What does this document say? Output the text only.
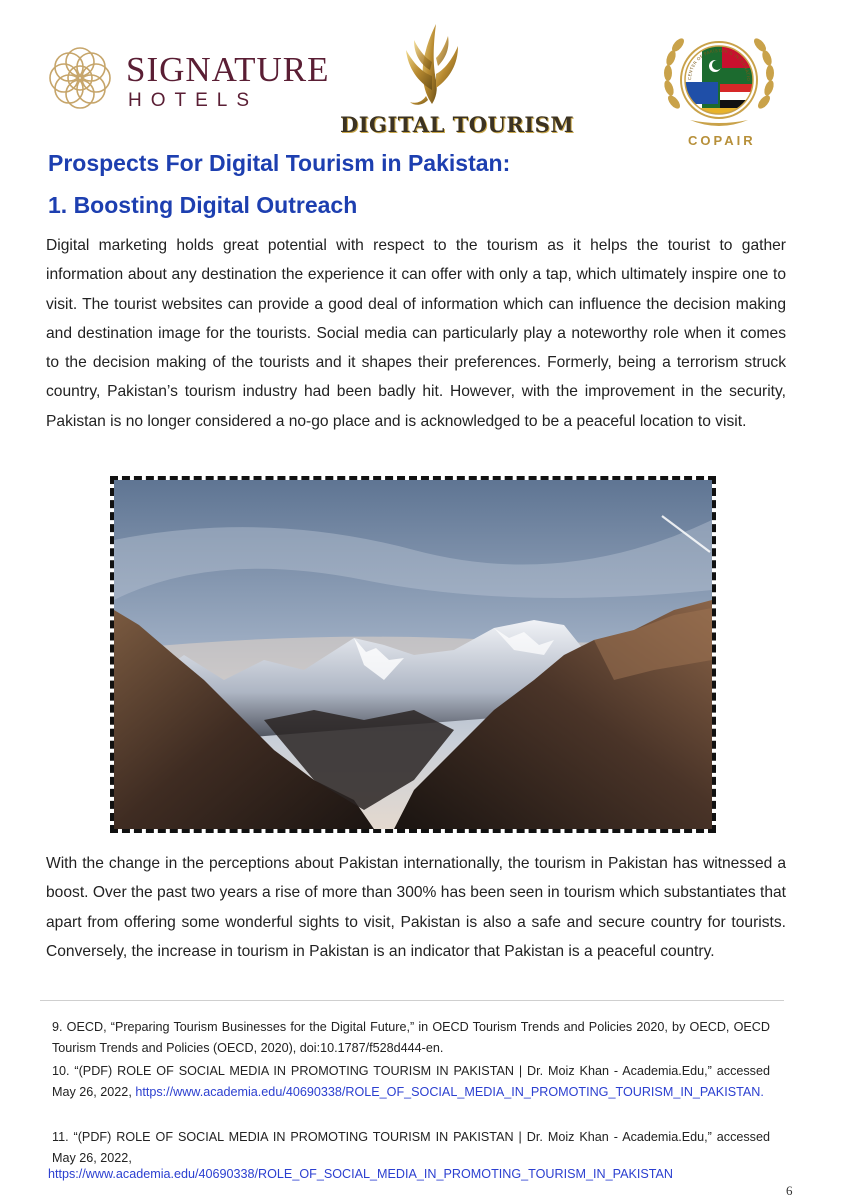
SIGNATURE
HOTELS
DIGITAL TOURISM
CENTER OF PAKISTAN & INTERNATIO
COPAIR
Prospects For Digital Tourism in Pakistan:
1. Boosting Digital Outreach

Digital marketing holds great potential with respect to the tourism as it helps the tourist to gather information about any destination the experience it can offer with only a tap, which ultimately inspire one to visit. The tourist websites can provide a good deal of information which can influence the decision making and destination image for the tourists. Social media can particularly play a noteworthy role when it comes to the decision making of the tourists and it shapes their preferences. Formerly, being a terrorism struck country, Pakistan’s tourism industry had been badly hit. However, with the improvement in the security, Pakistan is no longer considered a no-go place and is acknowledged to be a peaceful location to visit.

With the change in the perceptions about Pakistan internationally, the tourism in Pakistan has witnessed a boost. Over the past two years a rise of more than 300% has been seen in tourism which substantiates that apart from offering some wonderful sights to visit, Pakistan is also a safe and secure country for tourists. Conversely, the increase in tourism in Pakistan is an indicator that Pakistan is a peaceful country.

9. OECD, “Preparing Tourism Businesses for the Digital Future,” in OECD Tourism Trends and Policies 2020, by OECD, OECD Tourism Trends and Policies (OECD, 2020), doi:10.1787/f528d444-en.

10. “(PDF) ROLE OF SOCIAL MEDIA IN PROMOTING TOURISM IN PAKISTAN | Dr. Moiz Khan - Academia.Edu,” accessed May 26, 2022, https://www.academia.edu/40690338/ROLE_OF_SOCIAL_MEDIA_IN_PROMOTING_TOURISM_IN_PAKISTAN.

11. “(PDF) ROLE OF SOCIAL MEDIA IN PROMOTING TOURISM IN PAKISTAN | Dr. Moiz Khan - Academia.Edu,” accessed May 26, 2022,

https://www.academia.edu/40690338/ROLE_OF_SOCIAL_MEDIA_IN_PROMOTING_TOURISM_IN_PAKISTAN
6
